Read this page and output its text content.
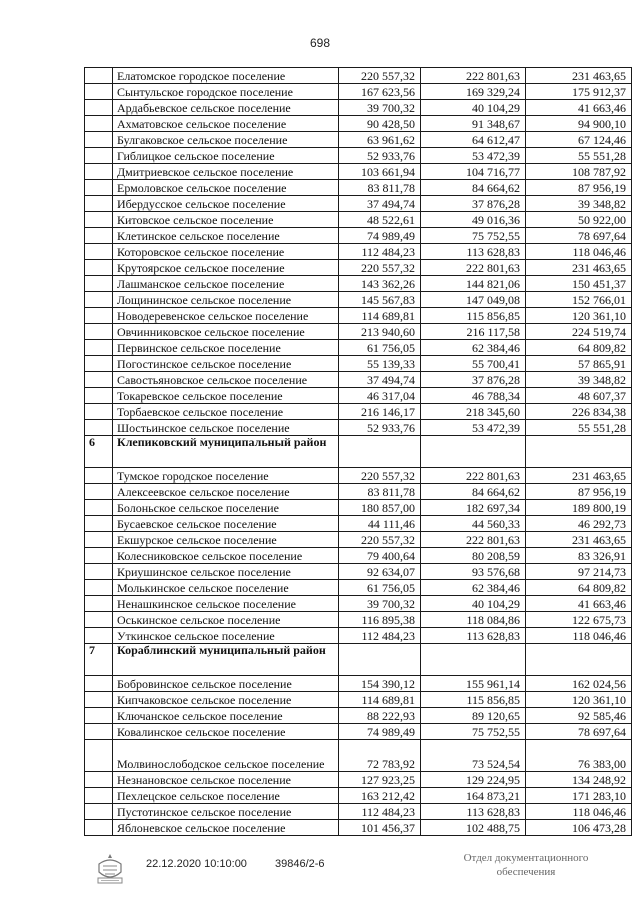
698
	Елатомское городское поселение	220 557,32	222 801,63	231 463,65
	Сынтульское городское поселение	167 623,56	169 329,24	175 912,37
	Ардабьевское сельское поселение	39 700,32	40 104,29	41 663,46
	Ахматовское сельское поселение	90 428,50	91 348,67	94 900,10
	Булгаковское сельское поселение	63 961,62	64 612,47	67 124,46
	Гиблицкое сельское поселение	52 933,76	53 472,39	55 551,28
	Дмитриевское сельское поселение	103 661,94	104 716,77	108 787,92
	Ермоловское сельское поселение	83 811,78	84 664,62	87 956,19
	Ибердусское сельское поселение	37 494,74	37 876,28	39 348,82
	Китовское сельское поселение	48 522,61	49 016,36	50 922,00
	Клетинское сельское поселение	74 989,49	75 752,55	78 697,64
	Которовское сельское поселение	112 484,23	113 628,83	118 046,46
	Крутоярское сельское поселение	220 557,32	222 801,63	231 463,65
	Лашманское сельское поселение	143 362,26	144 821,06	150 451,37
	Лощининское сельское поселение	145 567,83	147 049,08	152 766,01
	Новодеревенское сельское поселение	114 689,81	115 856,85	120 361,10
	Овчинниковское сельское поселение	213 940,60	216 117,58	224 519,74
	Первинское сельское поселение	61 756,05	62 384,46	64 809,82
	Погостинское сельское поселение	55 139,33	55 700,41	57 865,91
	Савостьяновское сельское поселение	37 494,74	37 876,28	39 348,82
	Токаревское сельское поселение	46 317,04	46 788,34	48 607,37
	Торбаевское сельское поселение	216 146,17	218 345,60	226 834,38
	Шостьинское сельское поселение	52 933,76	53 472,39	55 551,28
6	Клепиковский муниципальный район			
	Тумское городское поселение	220 557,32	222 801,63	231 463,65
	Алексеевское сельское поселение	83 811,78	84 664,62	87 956,19
	Болоньское сельское поселение	180 857,00	182 697,34	189 800,19
	Бусаевское сельское поселение	44 111,46	44 560,33	46 292,73
	Екшурское сельское поселение	220 557,32	222 801,63	231 463,65
	Колесниковское сельское поселение	79 400,64	80 208,59	83 326,91
	Криушинское сельское поселение	92 634,07	93 576,68	97 214,73
	Молькинское сельское поселение	61 756,05	62 384,46	64 809,82
	Ненашкинское сельское поселение	39 700,32	40 104,29	41 663,46
	Оськинское сельское поселение	116 895,38	118 084,86	122 675,73
	Уткинское сельское поселение	112 484,23	113 628,83	118 046,46
7	Кораблинский муниципальный район			
	Бобровинское сельское поселение	154 390,12	155 961,14	162 024,56
	Кипчаковское сельское поселение	114 689,81	115 856,85	120 361,10
	Ключанское сельское поселение	88 222,93	89 120,65	92 585,46
	Ковалинское сельское поселение	74 989,49	75 752,55	78 697,64
	Молвинослободское сельское поселение	72 783,92	73 524,54	76 383,00
	Незнановское сельское поселение	127 923,25	129 224,95	134 248,92
	Пехлецское сельское поселение	163 212,42	164 873,21	171 283,10
	Пустотинское сельское поселение	112 484,23	113 628,83	118 046,46
	Яблоневское сельское поселение	101 456,37	102 488,75	106 473,28
22.12.2020 10:10:00	39846/2-6	Отдел документационного
обеспечения
